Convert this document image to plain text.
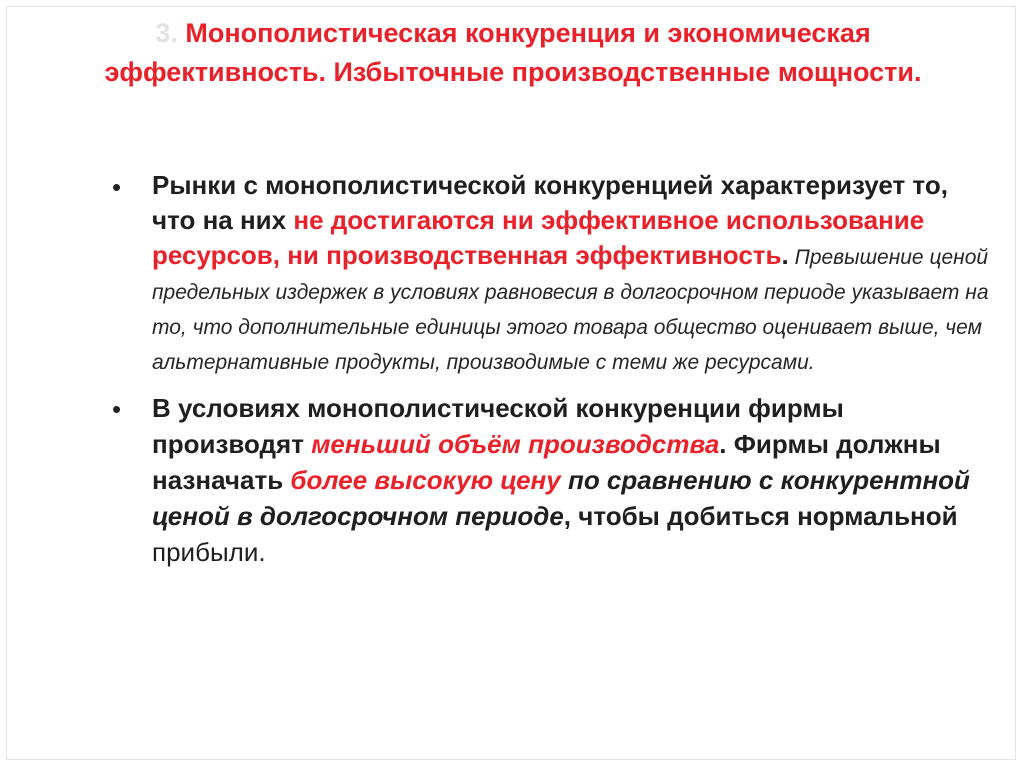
3. Монополистическая конкуренция и экономическая эффективность. Избыточные производственные мощности.
• Рынки с монополистической конкуренцией характеризует то, что на них не достигаются ни эффективное использование ресурсов, ни производственная эффективность. Превышение ценой предельных издержек в условиях равновесия в долгосрочном периоде указывает на то, что дополнительные единицы этого товара общество оценивает выше, чем альтернативные продукты, производимые с теми же ресурсами.
• В условиях монополистической конкуренции фирмы производят меньший объём производства. Фирмы должны назначать более высокую цену по сравнению с конкурентной ценой в долгосрочном периоде, чтобы добиться нормальной прибыли.
